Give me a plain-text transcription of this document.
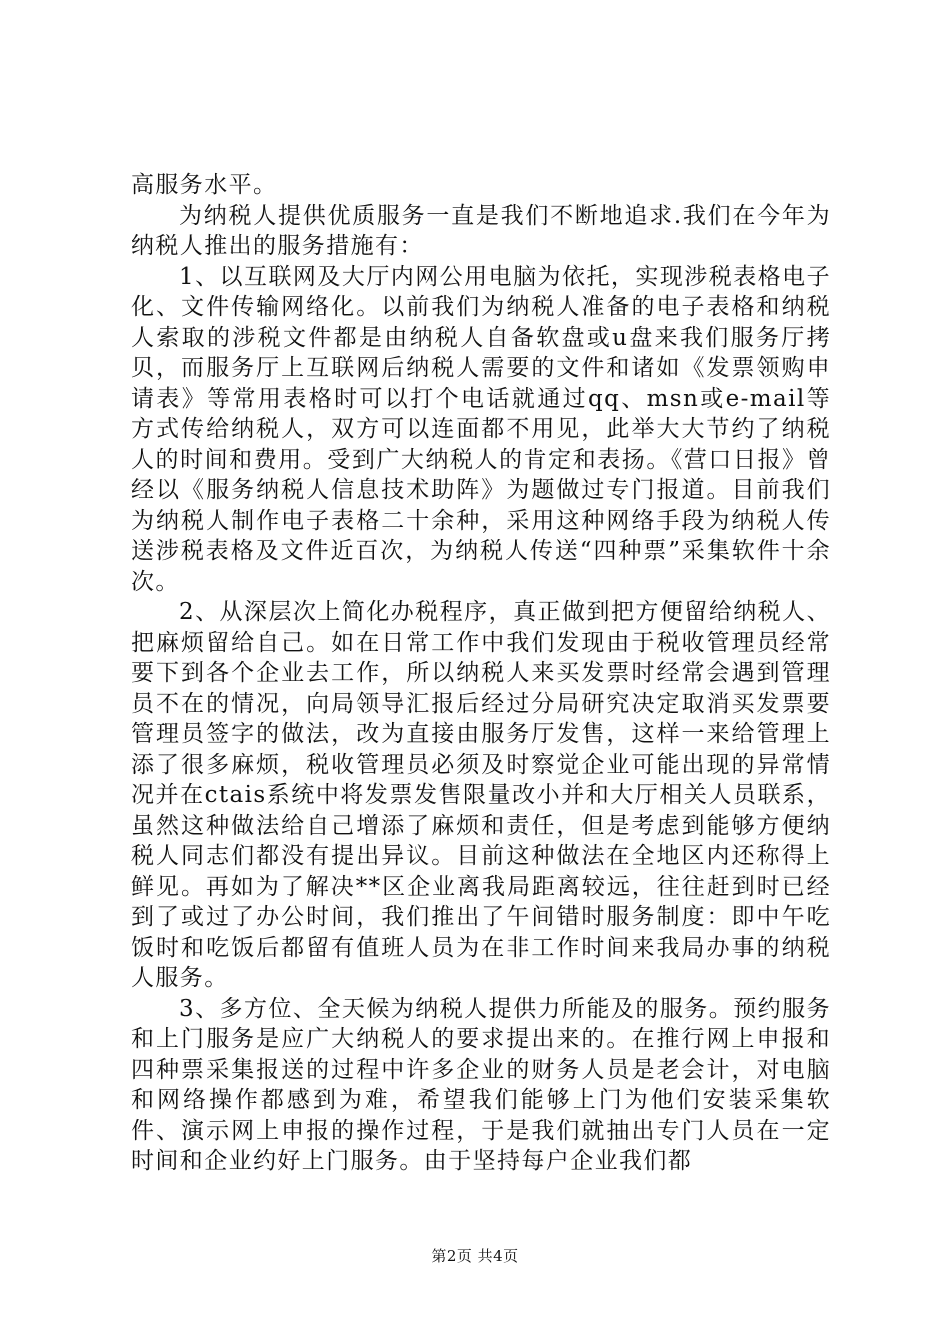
高服务水平。

为纳税人提供优质服务一直是我们不断地追求.我们在今年为纳税人推出的服务措施有：

1、以互联网及大厅内网公用电脑为依托，实现涉税表格电子化、文件传输网络化。以前我们为纳税人准备的电子表格和纳税人索取的涉税文件都是由纳税人自备软盘或u盘来我们服务厅拷贝，而服务厅上互联网后纳税人需要的文件和诸如《发票领购申请表》等常用表格时可以打个电话就通过qq、msn或e-mail等方式传给纳税人，双方可以连面都不用见，此举大大节约了纳税人的时间和费用。受到广大纳税人的肯定和表扬。《营口日报》曾经以《服务纳税人信息技术助阵》为题做过专门报道。目前我们为纳税人制作电子表格二十余种，采用这种网络手段为纳税人传送涉税表格及文件近百次，为纳税人传送“四种票”采集软件十余次。

2、从深层次上简化办税程序，真正做到把方便留给纳税人、把麻烦留给自己。如在日常工作中我们发现由于税收管理员经常要下到各个企业去工作，所以纳税人来买发票时经常会遇到管理员不在的情况，向局领导汇报后经过分局研究决定取消买发票要管理员签字的做法，改为直接由服务厅发售，这样一来给管理上添了很多麻烦，税收管理员必须及时察觉企业可能出现的异常情况并在ctais系统中将发票发售限量改小并和大厅相关人员联系，虽然这种做法给自己增添了麻烦和责任，但是考虑到能够方便纳税人同志们都没有提出异议。目前这种做法在全地区内还称得上鲜见。再如为了解决**区企业离我局距离较远，往往赶到时已经到了或过了办公时间，我们推出了午间错时服务制度：即中午吃饭时和吃饭后都留有值班人员为在非工作时间来我局办事的纳税人服务。

3、多方位、全天候为纳税人提供力所能及的服务。预约服务和上门服务是应广大纳税人的要求提出来的。在推行网上申报和四种票采集报送的过程中许多企业的财务人员是老会计，对电脑和网络操作都感到为难，希望我们能够上门为他们安装采集软件、演示网上申报的操作过程，于是我们就抽出专门人员在一定时间和企业约好上门服务。由于坚持每户企业我们都

第2页 共4页
